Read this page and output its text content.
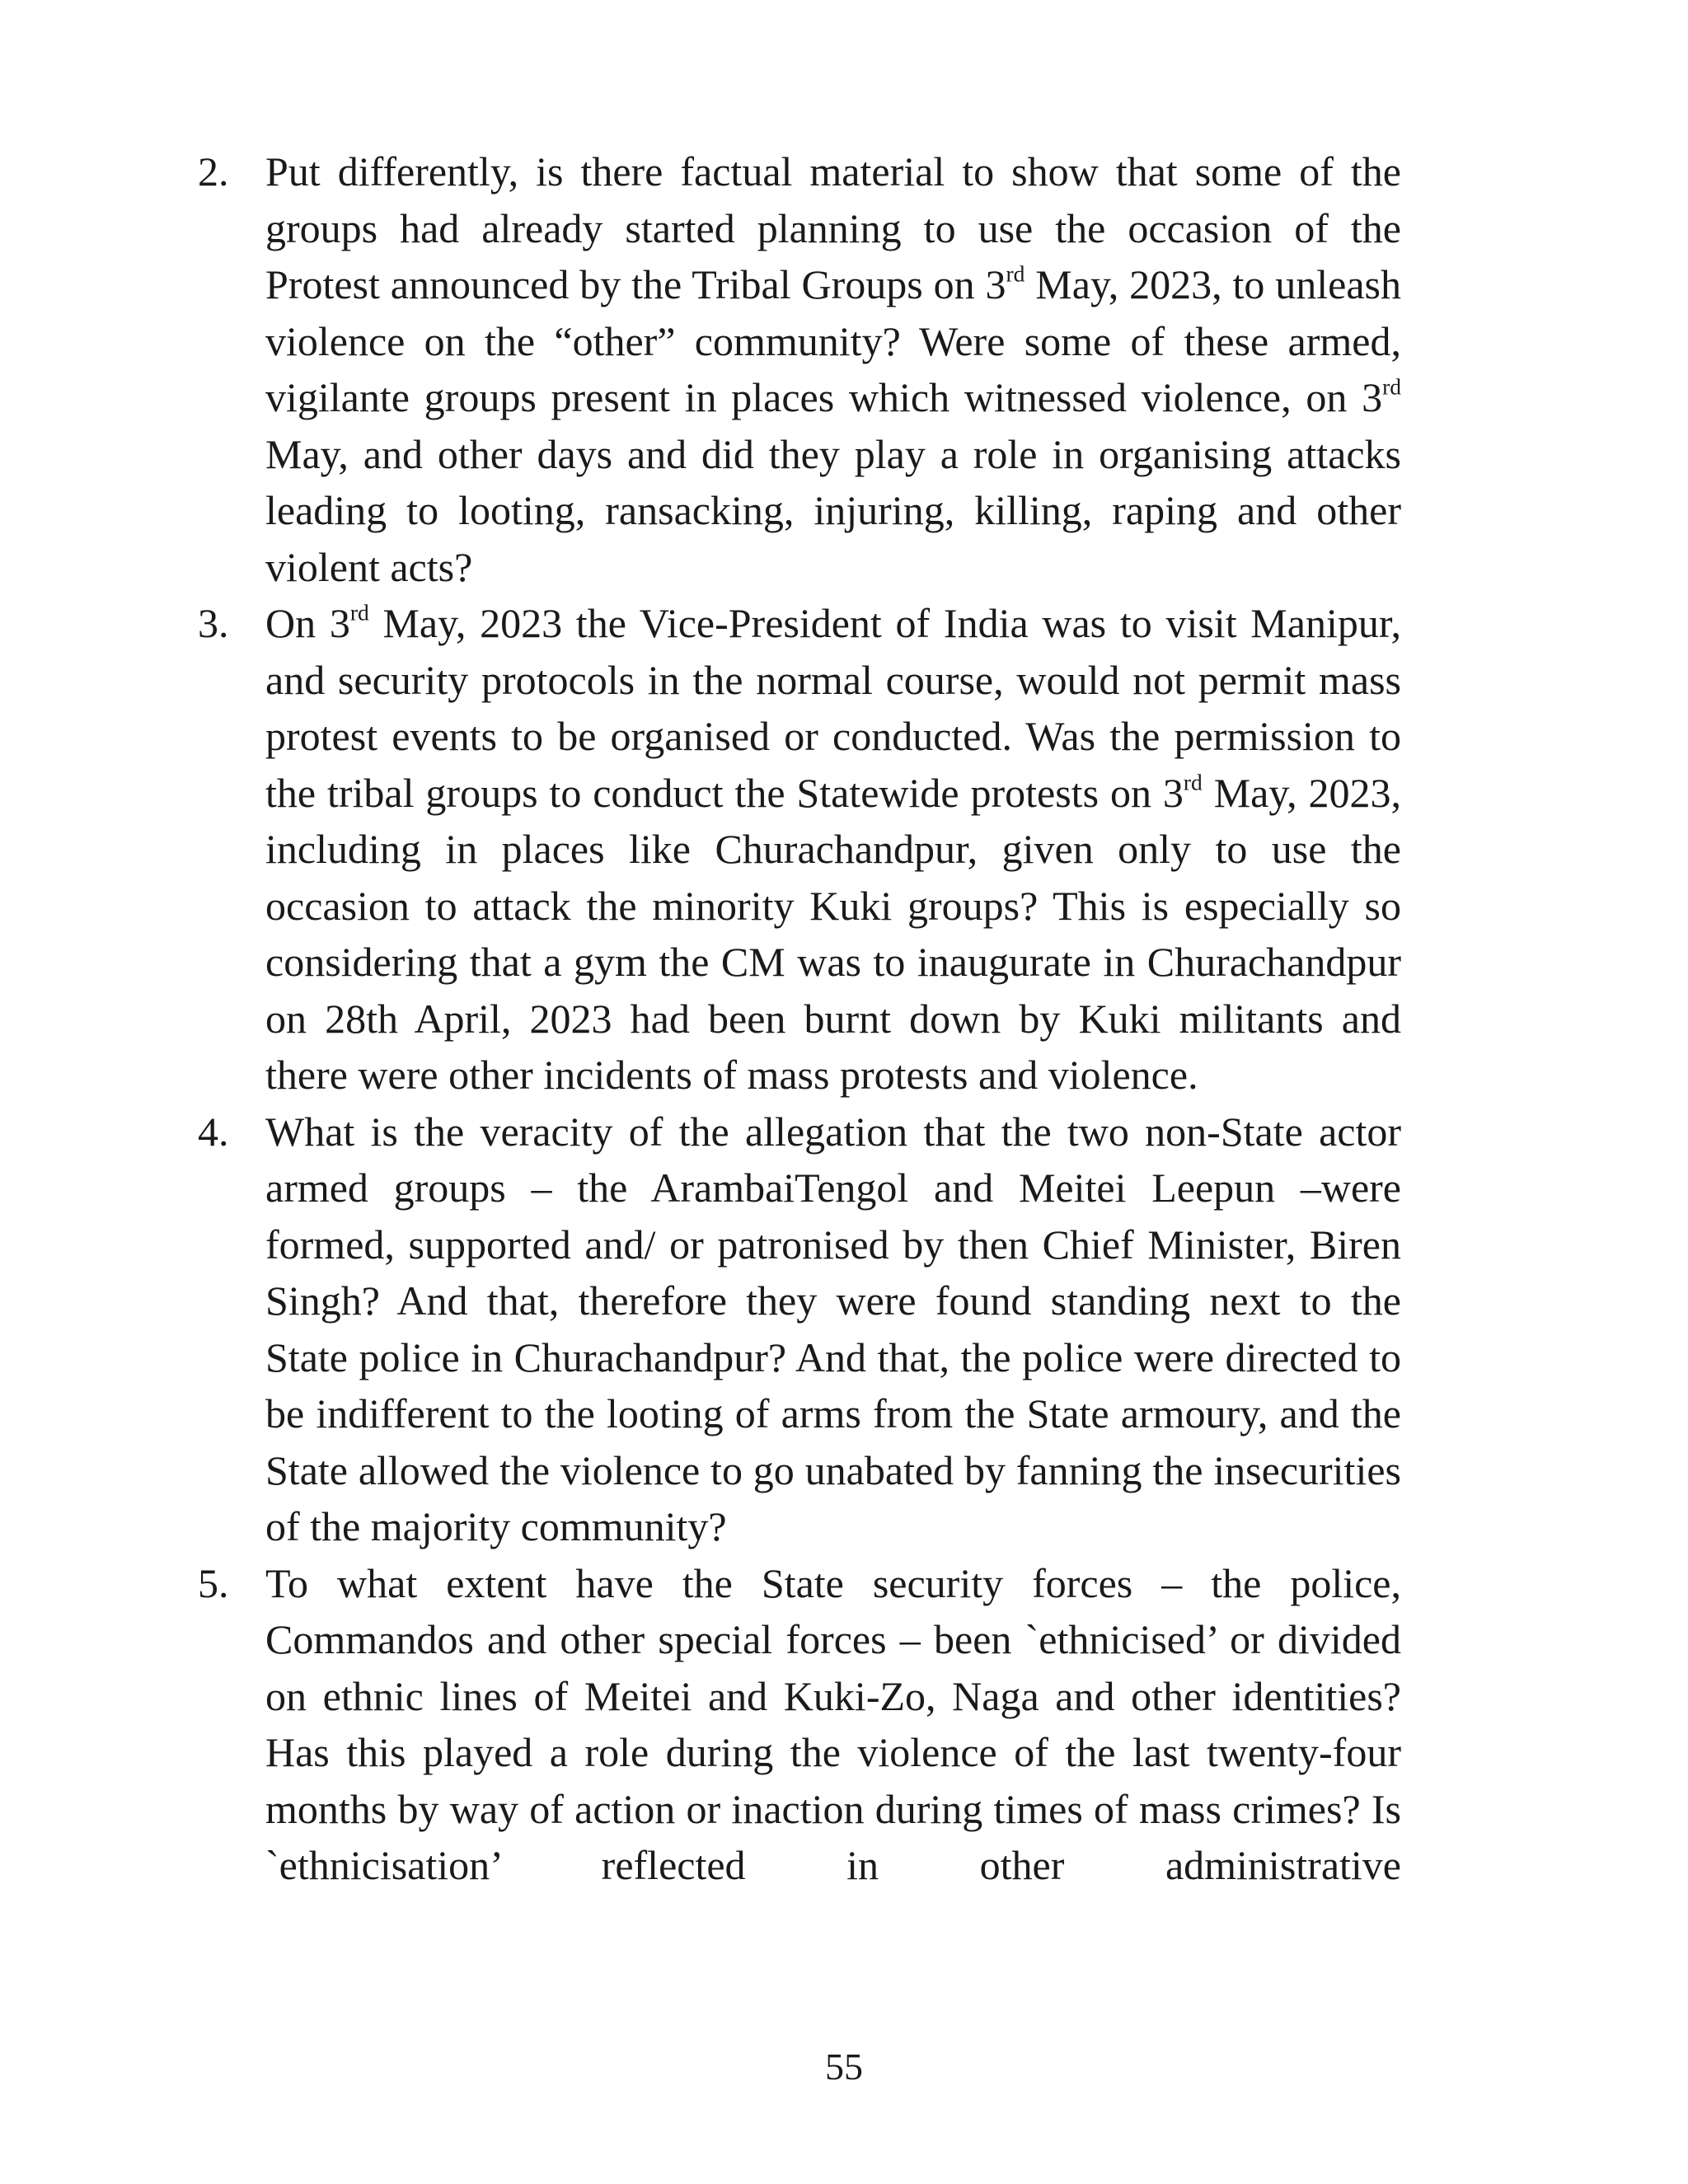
2. Put differently, is there factual material to show that some of the groups had already started planning to use the occasion of the Protest announced by the Tribal Groups on 3rd May, 2023, to unleash violence on the “other” community? Were some of these armed, vigilante groups present in places which witnessed violence, on 3rd May, and other days and did they play a role in organising attacks leading to looting, ransacking, injuring, killing, raping and other violent acts?

3. On 3rd May, 2023 the Vice-President of India was to visit Manipur, and security protocols in the normal course, would not permit mass protest events to be organised or conducted. Was the permission to the tribal groups to conduct the Statewide protests on 3rd May, 2023, including in places like Churachandpur, given only to use the occasion to attack the minority Kuki groups? This is especially so considering that a gym the CM was to inaugurate in Churachandpur on 28th April, 2023 had been burnt down by Kuki militants and there were other incidents of mass protests and violence.

4. What is the veracity of the allegation that the two non-State actor armed groups – the ArambaiTengol and Meitei Leepun –were formed, supported and/ or patronised by then Chief Minister, Biren Singh? And that, therefore they were found standing next to the State police in Churachandpur? And that, the police were directed to be indifferent to the looting of arms from the State armoury, and the State allowed the violence to go unabated by fanning the insecurities of the majority community?

5. To what extent have the State security forces – the police, Commandos and other special forces – been `ethnicised’ or divided on ethnic lines of Meitei and Kuki-Zo, Naga and other identities? Has this played a role during the violence of the last twenty-four months by way of action or inaction during times of mass crimes? Is `ethnicisation’ reflected in other administrative

55
